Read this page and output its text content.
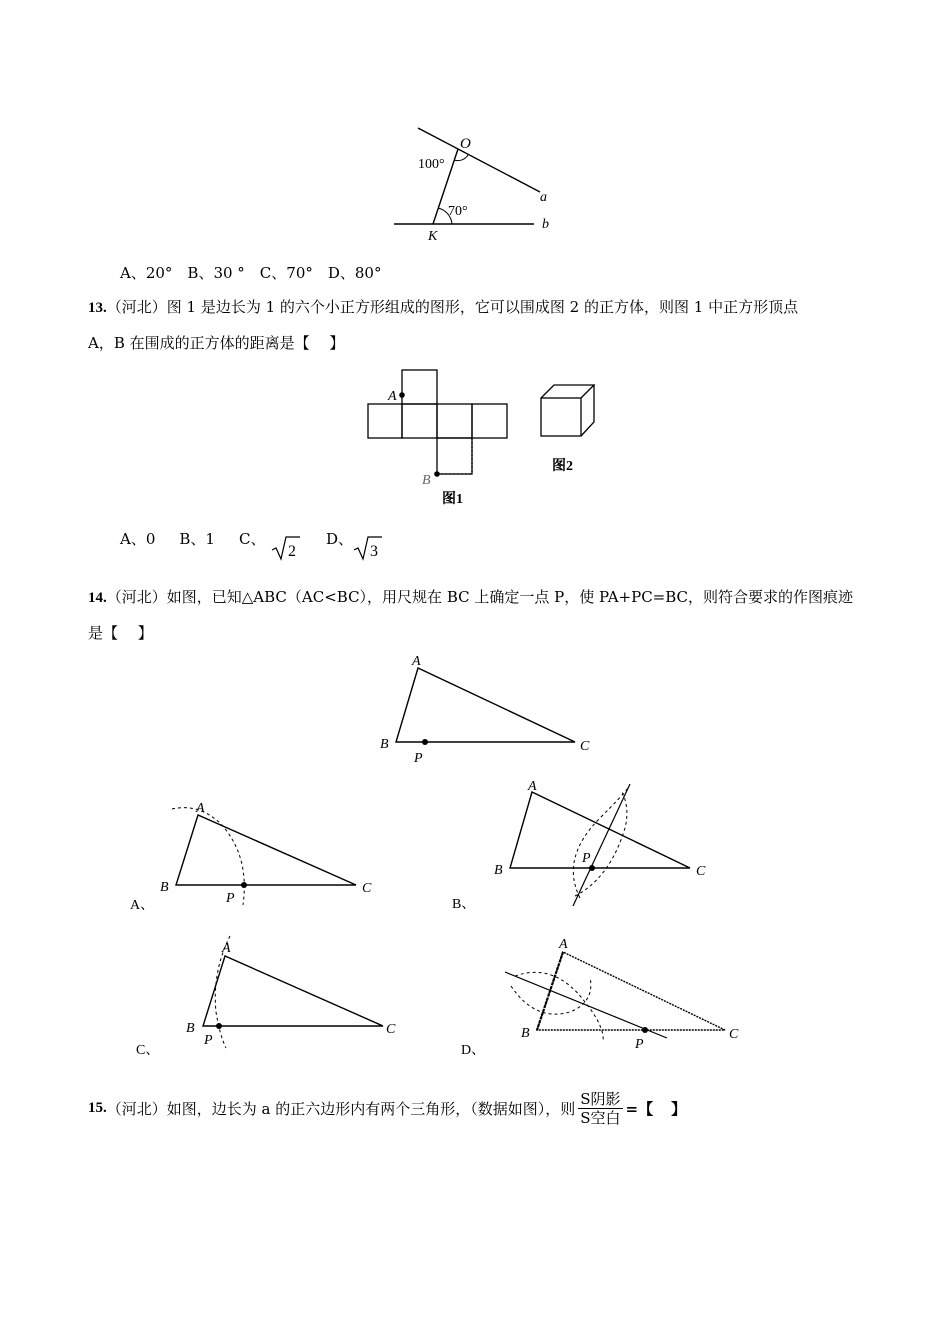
O
100°
70°
a
b
K
A、20°　B、30 °　C、70°　D、80°
13.（河北）图 1 是边长为 1 的六个小正方形组成的图形，它可以围成图 2 的正方体，则图 1 中正方形顶点
A，B 在围成的正方体的距离是【　 】
A
B
图1
图2
A、0 B、1 C、
2
D、
3
14.（河北）如图，已知△ABC（AC<BC），用尺规在 BC 上确定一点 P，使 PA+PC=BC，则符合要求的作图痕迹
是【　 】
A
B	C
P
A
B	C
P
A、
A
B	C
P
B、
A
B	C
P
C、
A
B	C
P
D、
15.（河北）如图，边长为 a 的正六边形内有两个三角形，（数据如图），则 $\frac{\text{S阴影}}{\text{S空白}}$ =【 】
